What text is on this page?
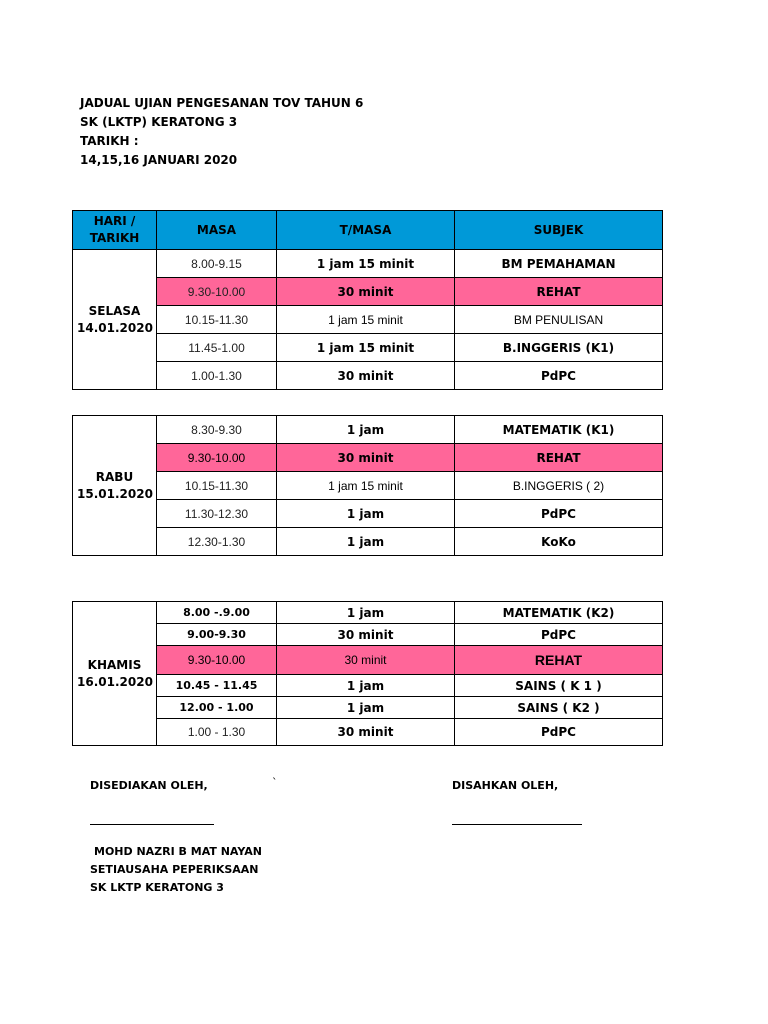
JADUAL UJIAN PENGESANAN TOV TAHUN 6
SK (LKTP) KERATONG 3
TARIKH :
14,15,16 JANUARI 2020
HARI /
TARIKH	MASA	T/MASA	SUBJEK
SELASA
14.01.2020	8.00-9.15	1 jam 15 minit	BM PEMAHAMAN
	9.30-10.00	30 minit	REHAT
	10.15-11.30	1 jam 15 minit	BM PENULISAN
	11.45-1.00	1 jam 15 minit	B.INGGERIS (K1)
	1.00-1.30	30 minit	PdPC
RABU
15.01.2020	8.30-9.30	1 jam	MATEMATIK (K1)
	9.30-10.00	30 minit	REHAT
	10.15-11.30	1 jam 15 minit	B.INGGERIS ( 2)
	11.30-12.30	1 jam	PdPC
	12.30-1.30	1 jam	KoKo
KHAMIS
16.01.2020	8.00 -.9.00	1 jam	MATEMATIK (K2)
	9.00-9.30	30 minit	PdPC
	9.30-10.00	30 minit	REHAT
	10.45 - 11.45	1 jam	SAINS ( K 1 )
	12.00 - 1.00	1 jam	SAINS ( K2 )
	1.00 - 1.30	30 minit	PdPC
DISEDIAKAN OLEH,	`	DISAHKAN OLEH,
MOHD NAZRI B MAT NAYAN
SETIAUSAHA PEPERIKSAAN
SK LKTP KERATONG 3
